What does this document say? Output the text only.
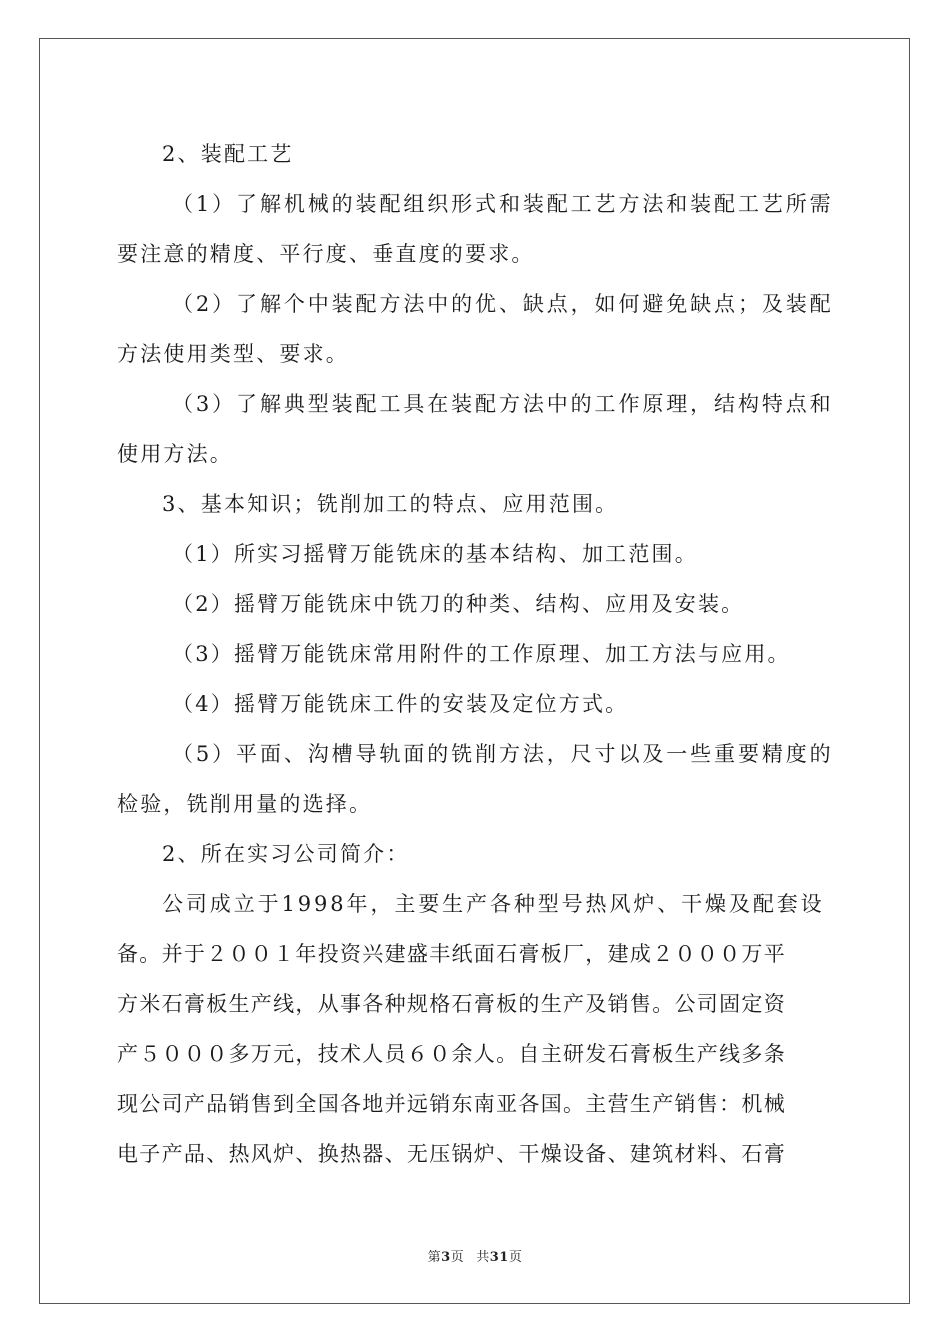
2、装配工艺
（1）了解机械的装配组织形式和装配工艺方法和装配工艺所需
要注意的精度、平行度、垂直度的要求。
（2）了解个中装配方法中的优、缺点，如何避免缺点；及装配
方法使用类型、要求。
（3）了解典型装配工具在装配方法中的工作原理，结构特点和
使用方法。
3、基本知识；铣削加工的特点、应用范围。
（1）所实习摇臂万能铣床的基本结构、加工范围。
（2）摇臂万能铣床中铣刀的种类、结构、应用及安装。
（3）摇臂万能铣床常用附件的工作原理、加工方法与应用。
（4）摇臂万能铣床工件的安装及定位方式。
（5）平面、沟槽导轨面的铣削方法，尺寸以及一些重要精度的
检验，铣削用量的选择。
2、所在实习公司简介：
公司成立于1998年，主要生产各种型号热风炉、干燥及配套设
备。并于２００１年投资兴建盛丰纸面石膏板厂，建成２０００万平
方米石膏板生产线，从事各种规格石膏板的生产及销售。公司固定资
产５０００多万元，技术人员６０余人。自主研发石膏板生产线多条
现公司产品销售到全国各地并远销东南亚各国。主营生产销售：机械
电子产品、热风炉、换热器、无压锅炉、干燥设备、建筑材料、石膏
第3页 共31页
